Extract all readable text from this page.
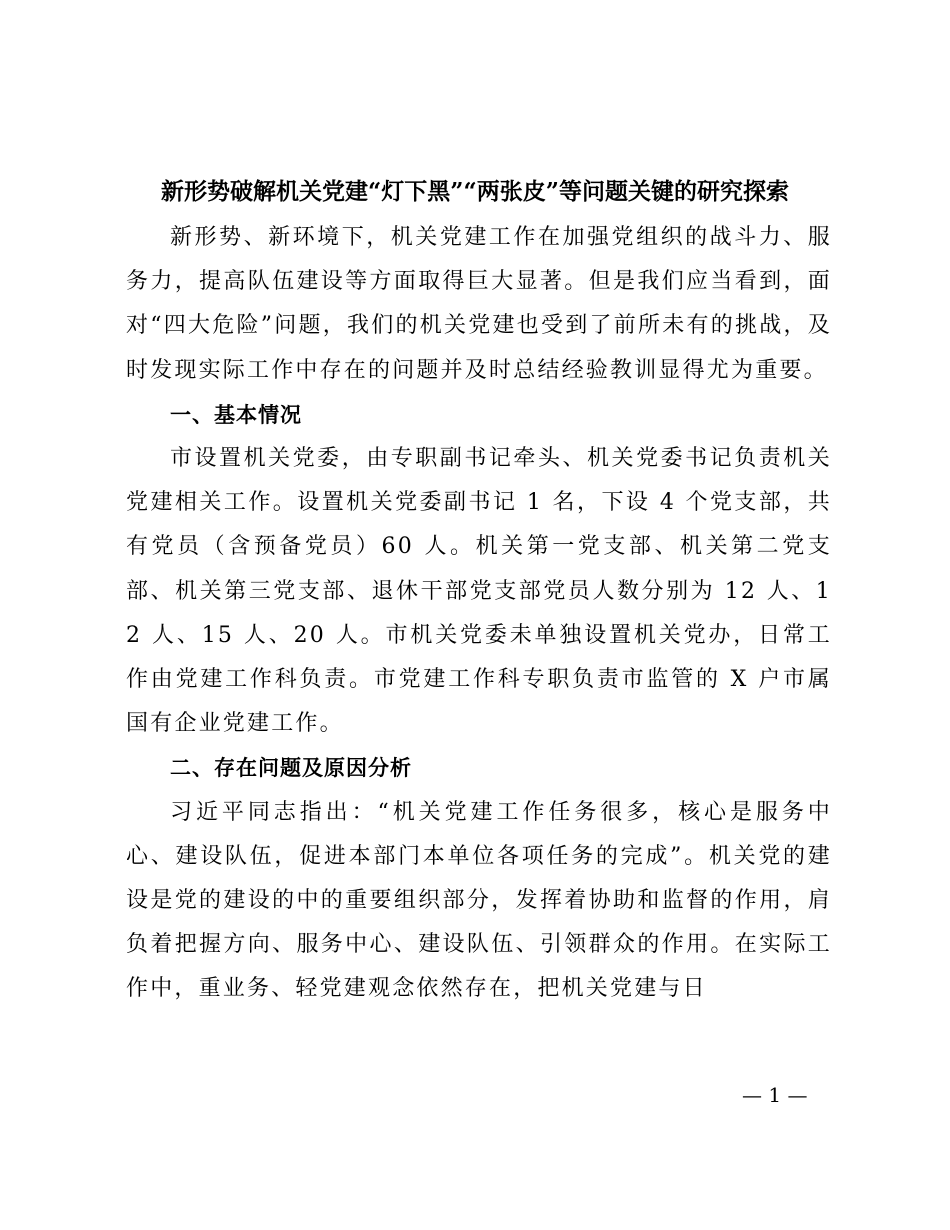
新形势破解机关党建“灯下黑”“两张皮”等问题关键的研究探索

新形势、新环境下，机关党建工作在加强党组织的战斗力、服务力，提高队伍建设等方面取得巨大显著。但是我们应当看到，面对“四大危险”问题，我们的机关党建也受到了前所未有的挑战，及时发现实际工作中存在的问题并及时总结经验教训显得尤为重要。

一、基本情况

市设置机关党委，由专职副书记牵头、机关党委书记负责机关党建相关工作。设置机关党委副书记 1 名，下设 4 个党支部，共有党员（含预备党员）60 人。机关第一党支部、机关第二党支部、机关第三党支部、退休干部党支部党员人数分别为 12 人、12 人、15 人、20 人。市机关党委未单独设置机关党办，日常工作由党建工作科负责。市党建工作科专职负责市监管的 X 户市属国有企业党建工作。

二、存在问题及原因分析

习近平同志指出：“机关党建工作任务很多，核心是服务中心、建设队伍，促进本部门本单位各项任务的完成”。机关党的建设是党的建设的中的重要组织部分，发挥着协助和监督的作用，肩负着把握方向、服务中心、建设队伍、引领群众的作用。在实际工作中，重业务、轻党建观念依然存在，把机关党建与日

— 1 —
